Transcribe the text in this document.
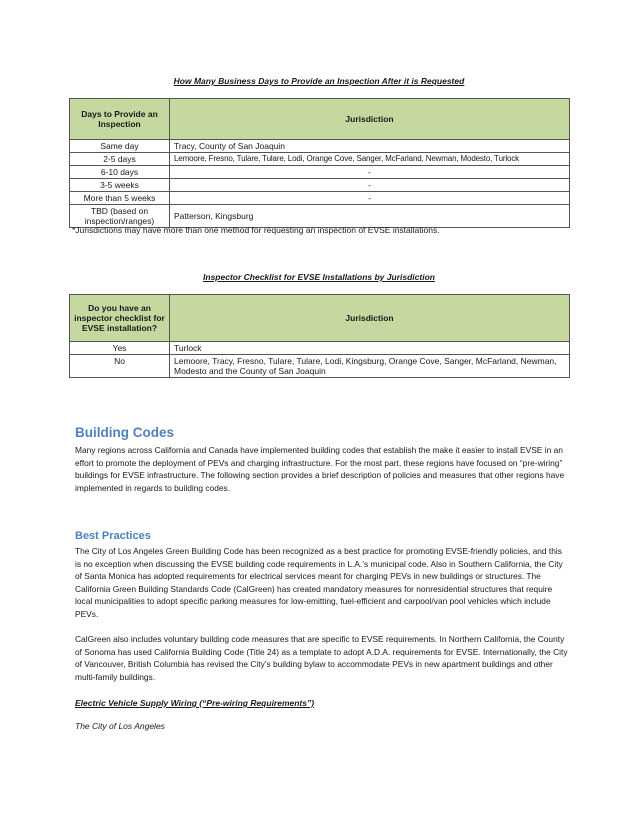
How Many Business Days to Provide an Inspection After it is Requested
Days to Provide an Inspection	Jurisdiction
Same day	Tracy, County of San Joaquin
2-5 days	Lemoore, Fresno, Tulare, Tulare, Lodi, Orange Cove, Sanger, McFarland, Newman, Modesto, Turlock
6-10 days	-
3-5 weeks	-
More than 5 weeks	-
TBD (based on inspection/ranges)	Patterson, Kingsburg
*Jurisdictions may have more than one method for requesting an inspection of EVSE installations.
Inspector Checklist for EVSE Installations by Jurisdiction
Do you have an inspector checklist for EVSE installation?	Jurisdiction
Yes	Turlock
No	Lemoore, Tracy, Fresno, Tulare, Tulare, Lodi, Kingsburg, Orange Cove, Sanger, McFarland, Newman, Modesto and the County of San Joaquin
Building Codes

Many regions across California and Canada have implemented building codes that establish the make it easier to install EVSE in an effort to promote the deployment of PEVs and charging infrastructure. For the most part, these regions have focused on “pre-wiring” buildings for EVSE infrastructure. The following section provides a brief description of policies and measures that other regions have implemented in regards to building codes.

Best Practices

The City of Los Angeles Green Building Code has been recognized as a best practice for promoting EVSE-friendly policies, and this is no exception when discussing the EVSE building code requirements in L.A.’s municipal code. Also in Southern California, the City of Santa Monica has adopted requirements for electrical services meant for charging PEVs in new buildings or structures. The California Green Building Standards Code (CalGreen) has created mandatory measures for nonresidential structures that require local municipalities to adopt specific parking measures for low-emitting, fuel-efficient and carpool/van pool vehicles which include PEVs.

CalGreen also includes voluntary building code measures that are specific to EVSE requirements. In Northern California, the County of Sonoma has used California Building Code (Title 24) as a template to adopt A.D.A. requirements for EVSE. Internationally, the City of Vancouver, British Columbia has revised the City’s building bylaw to accommodate PEVs in new apartment buildings and other multi-family buildings.

Electric Vehicle Supply Wiring (“Pre-wiring Requirements”)

The City of Los Angeles
